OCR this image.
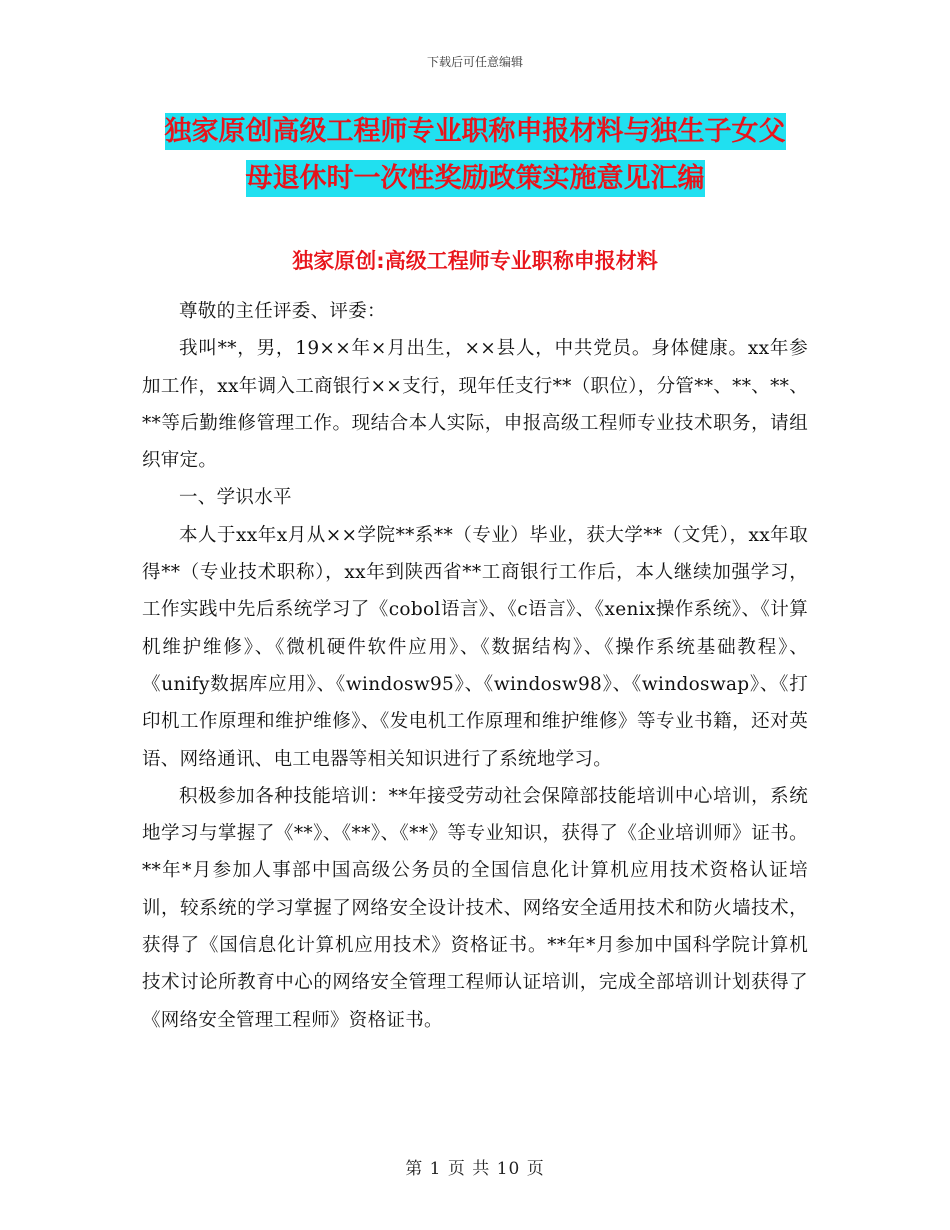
下载后可任意编辑
独家原创高级工程师专业职称申报材料与独生子女父
母退休时一次性奖励政策实施意见汇编
独家原创:高级工程师专业职称申报材料

尊敬的主任评委、评委：

我叫**，男，19××年×月出生，××县人，中共党员。身体健康。xx年参加工作，xx年调入工商银行××支行，现年任支行**（职位），分管**、**、**、**等后勤维修管理工作。现结合本人实际，申报高级工程师专业技术职务，请组织审定。

一、学识水平

本人于xx年x月从××学院**系**（专业）毕业，获大学**（文凭），xx年取得**（专业技术职称），xx年到陕西省**工商银行工作后，本人继续加强学习，工作实践中先后系统学习了《cobol语言》、《c语言》、《xenix操作系统》、《计算机维护维修》、《微机硬件软件应用》、《数据结构》、《操作系统基础教程》、《unify数据库应用》、《windosw95》、《windosw98》、《windoswap》、《打印机工作原理和维护维修》、《发电机工作原理和维护维修》等专业书籍，还对英语、网络通讯、电工电器等相关知识进行了系统地学习。

积极参加各种技能培训：**年接受劳动社会保障部技能培训中心培训，系统地学习与掌握了《**》、《**》、《**》等专业知识，获得了《企业培训师》证书。**年*月参加人事部中国高级公务员的全国信息化计算机应用技术资格认证培训，较系统的学习掌握了网络安全设计技术、网络安全适用技术和防火墙技术，获得了《国信息化计算机应用技术》资格证书。**年*月参加中国科学院计算机技术讨论所教育中心的网络安全管理工程师认证培训，完成全部培训计划获得了《网络安全管理工程师》资格证书。

第 1 页 共 10 页
